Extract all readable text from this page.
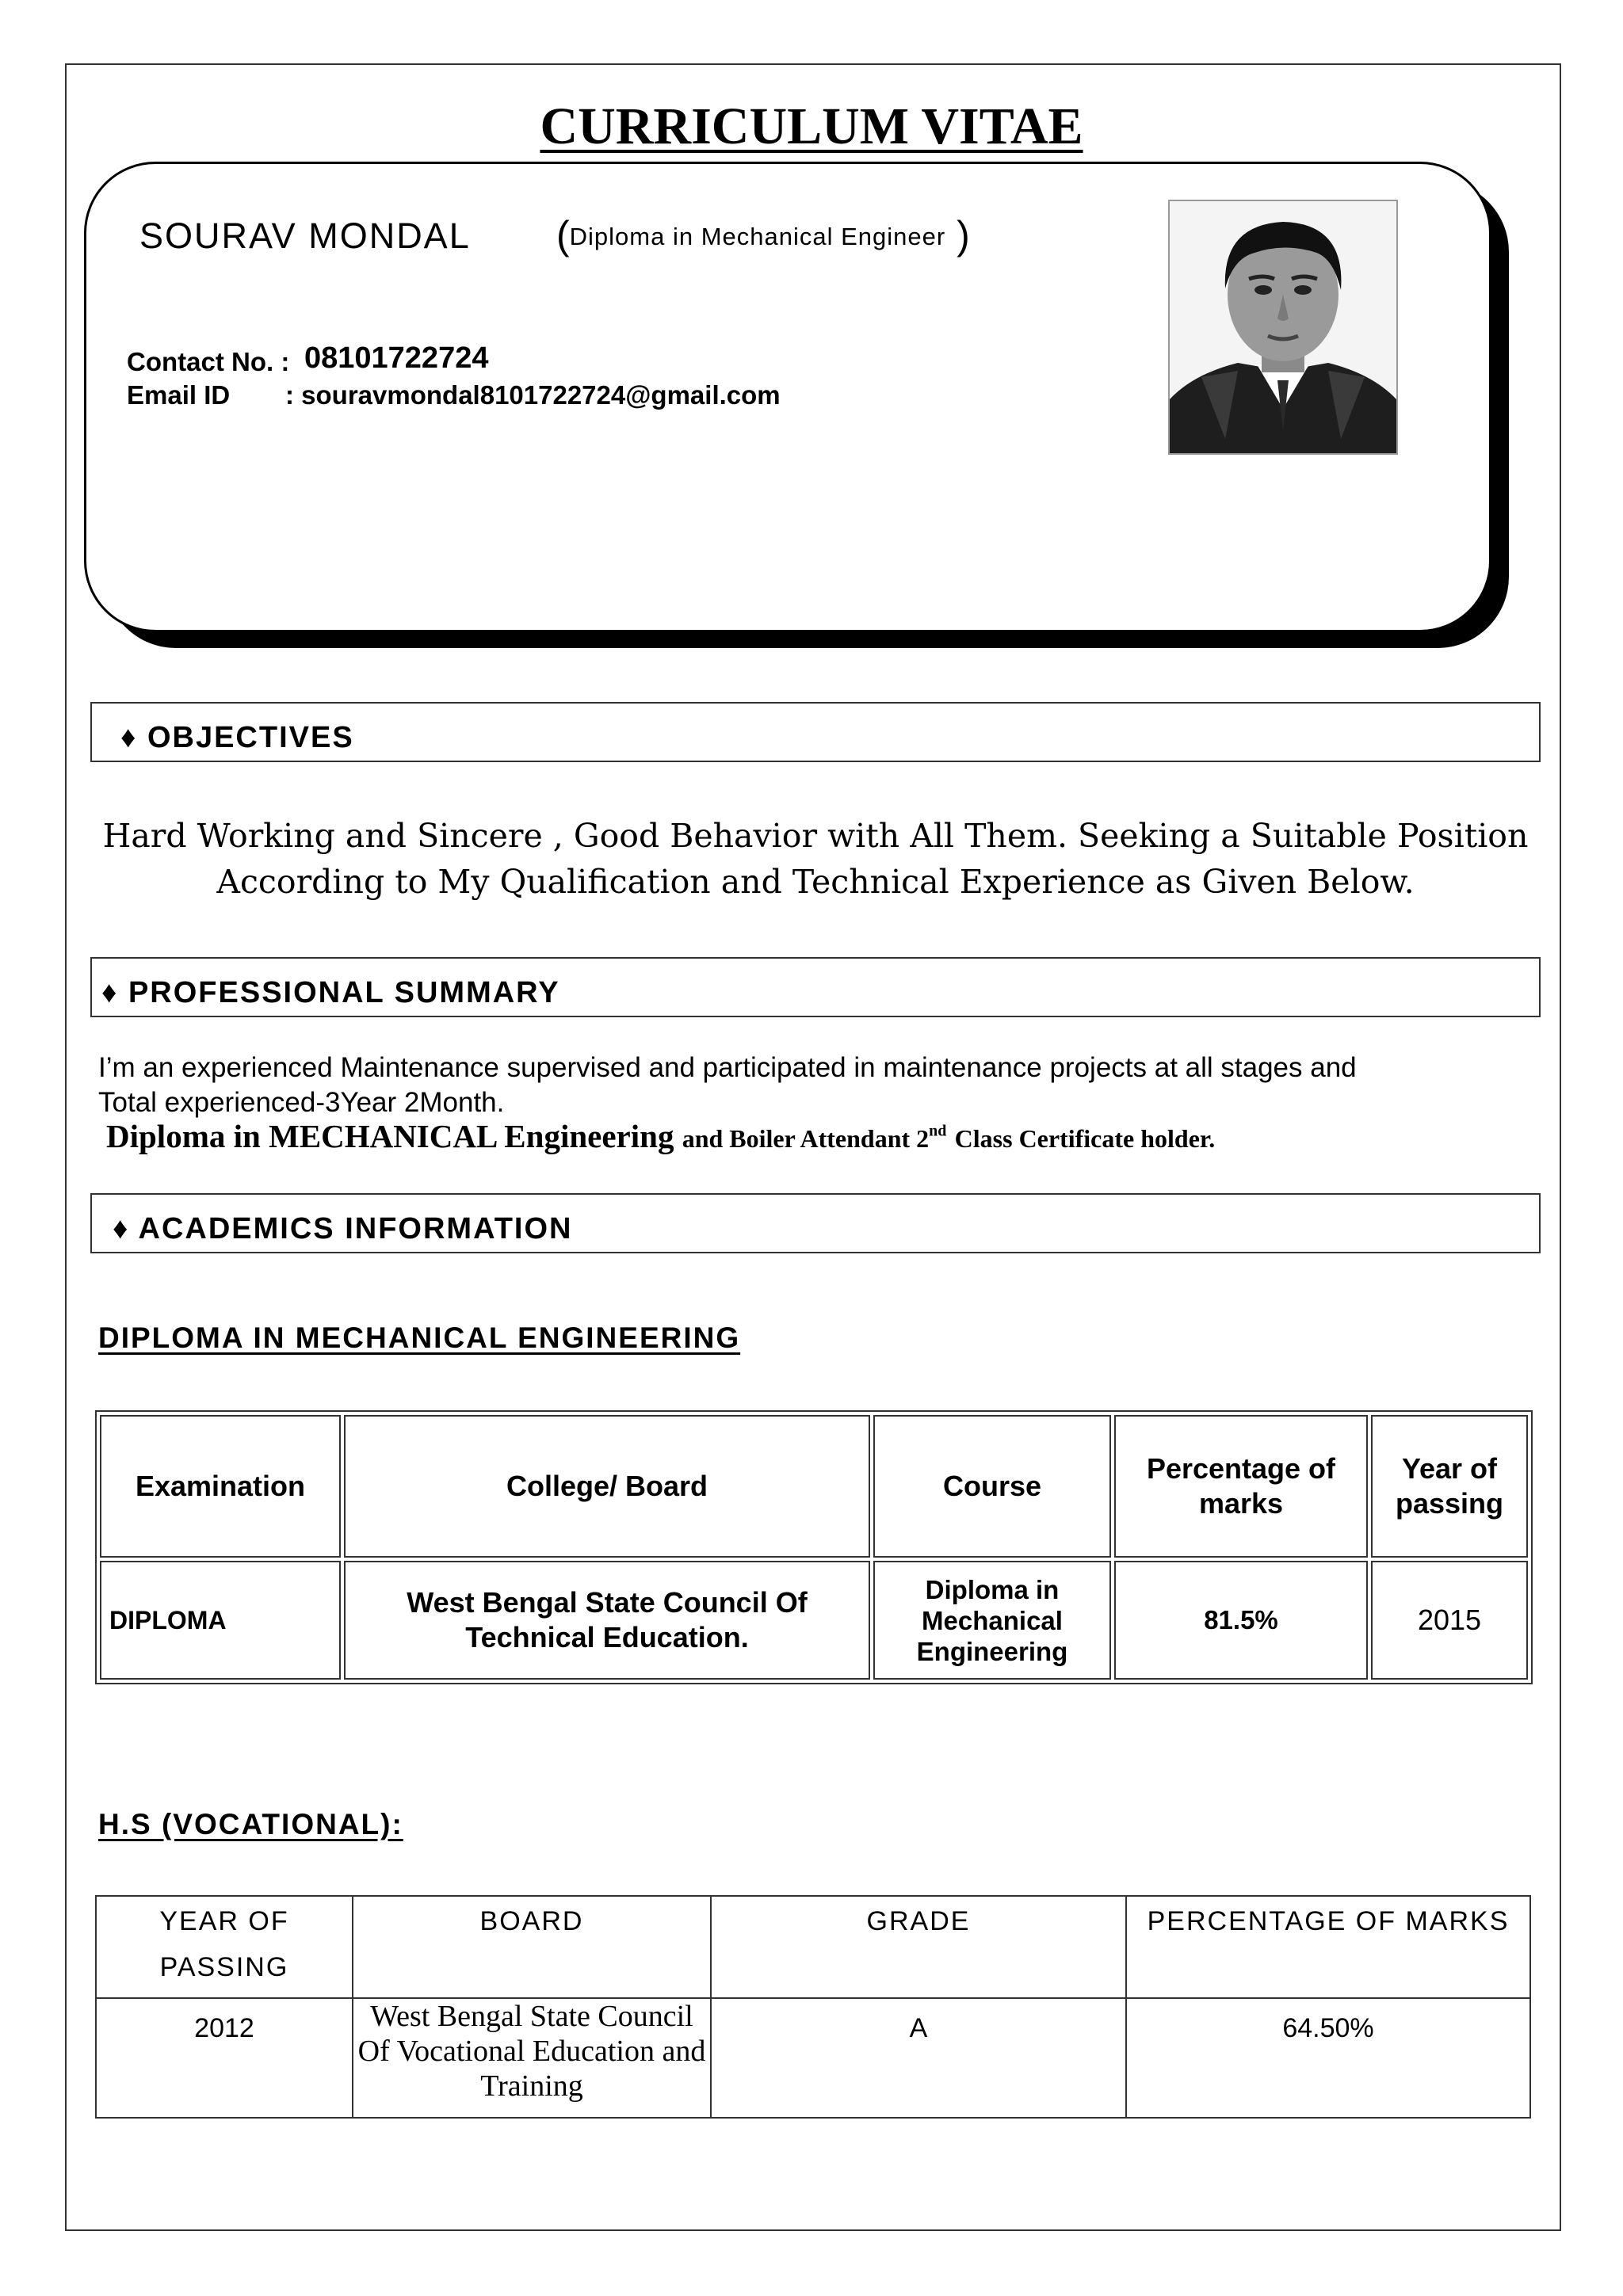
CURRICULUM VITAE
SOURAV MONDAL (Diploma in Mechanical Engineer )
Contact No. : 08101722724
Email ID : souravmondal8101722724@gmail.com
♦ OBJECTIVES
Hard Working and Sincere , Good Behavior with All Them. Seeking a Suitable Position According to My Qualification and Technical Experience as Given Below.
♦ PROFESSIONAL SUMMARY
I’m an experienced Maintenance supervised and participated in maintenance projects at all stages and
Total experienced-3Year 2Month.
Diploma in MECHANICAL Engineering and Boiler Attendant 2nd Class Certificate holder.
♦ ACADEMICS INFORMATION
DIPLOMA IN MECHANICAL ENGINEERING
Examination	College/ Board	Course	Percentage of marks	Year of passing
DIPLOMA	West Bengal State Council Of Technical Education.	Diploma in Mechanical Engineering	81.5%	2015
H.S (VOCATIONAL):
YEAR OF PASSING	BOARD	GRADE	PERCENTAGE OF MARKS
2012	West Bengal State Council Of Vocational Education and Training	A	64.50%
